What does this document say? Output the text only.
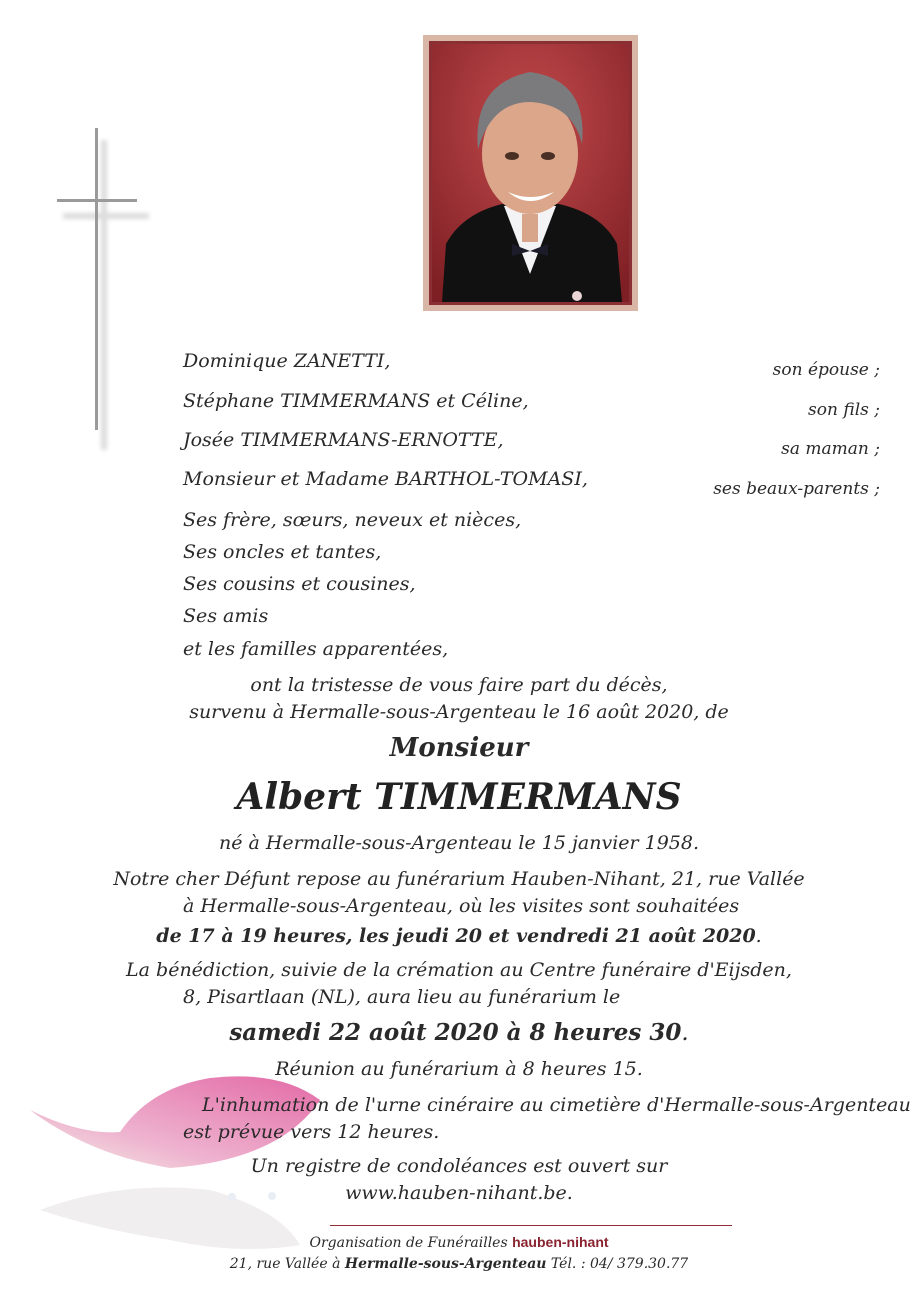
Dominique ZANETTI,	son épouse ;
Stéphane TIMMERMANS et Céline,	son fils ;
Josée TIMMERMANS-ERNOTTE,	sa maman ;
Monsieur et Madame BARTHOL-TOMASI,	ses beaux-parents ;
Ses frère, sœurs, neveux et nièces,
Ses oncles et tantes,
Ses cousins et cousines,
Ses amis
et les familles apparentées,
ont la tristesse de vous faire part du décès,
survenu à Hermalle-sous-Argenteau le 16 août 2020, de
Monsieur
Albert TIMMERMANS
né à Hermalle-sous-Argenteau le 15 janvier 1958.
Notre cher Défunt repose au funérarium Hauben-Nihant, 21, rue Vallée
à Hermalle-sous-Argenteau, où les visites sont souhaitées
de 17 à 19 heures, les jeudi 20 et vendredi 21 août 2020.
La bénédiction, suivie de la crémation au Centre funéraire d'Eijsden,
8, Pisartlaan (NL), aura lieu au funérarium le
samedi 22 août 2020 à 8 heures 30.
Réunion au funérarium à 8 heures 15.
L'inhumation de l'urne cinéraire au cimetière d'Hermalle-sous-Argenteau
est prévue vers 12 heures.
Un registre de condoléances est ouvert sur
www.hauben-nihant.be.
Organisation de Funérailles hauben-nihant
21, rue Vallée à Hermalle-sous-Argenteau Tél. : 04/ 379.30.77
